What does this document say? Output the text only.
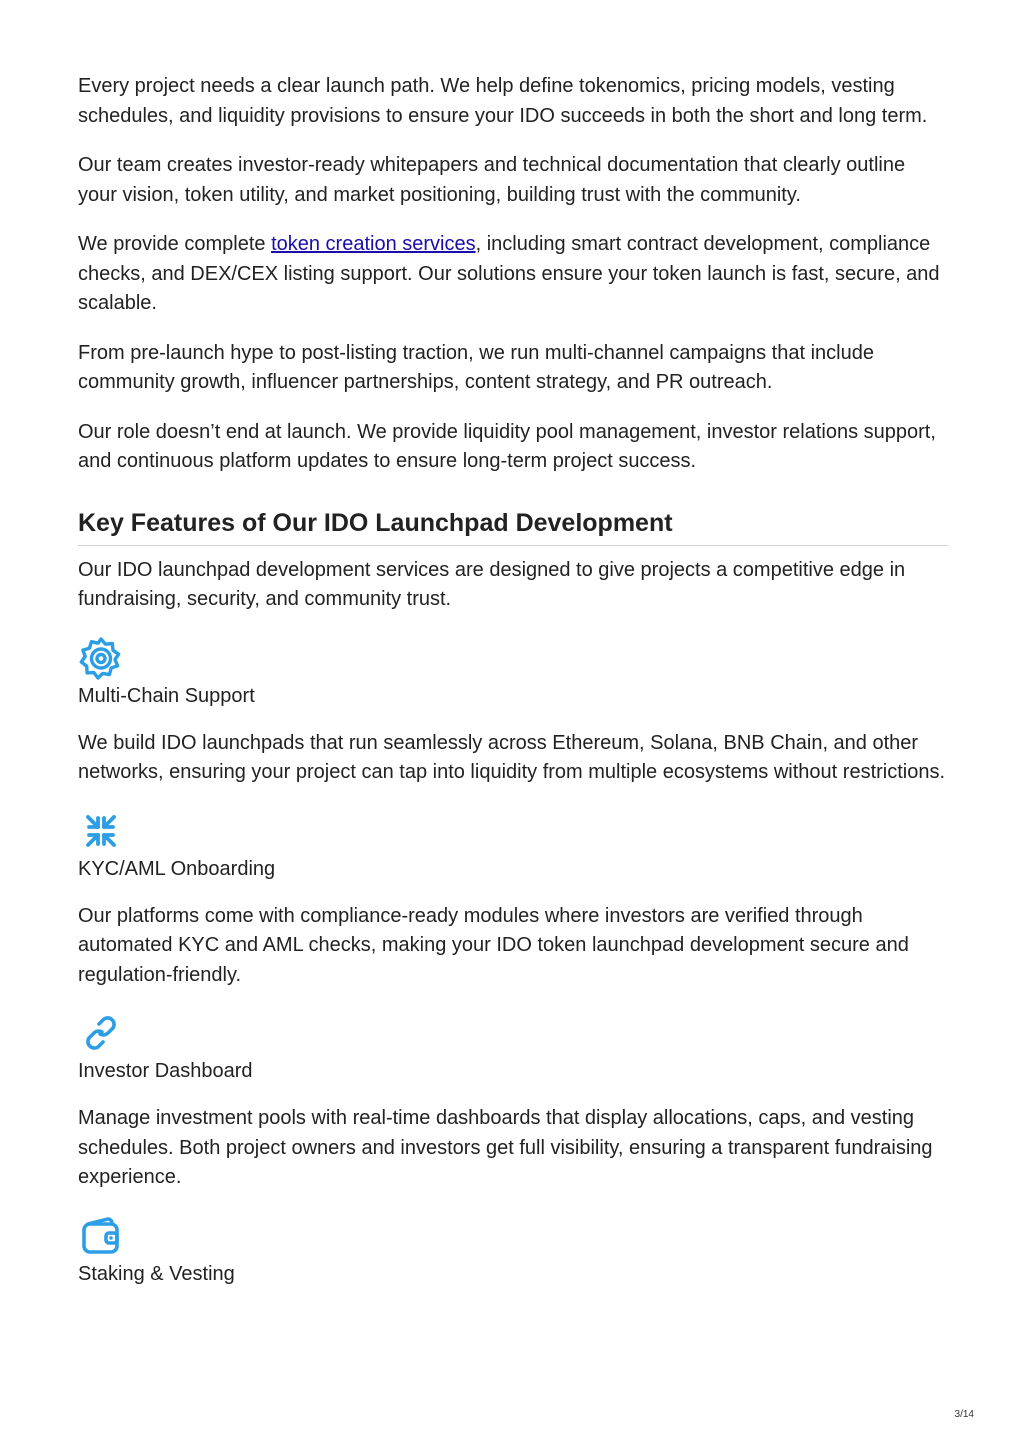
Every project needs a clear launch path. We help define tokenomics, pricing models, vesting schedules, and liquidity provisions to ensure your IDO succeeds in both the short and long term.

Our team creates investor-ready whitepapers and technical documentation that clearly outline your vision, token utility, and market positioning, building trust with the community.

We provide complete token creation services, including smart contract development, compliance checks, and DEX/CEX listing support. Our solutions ensure your token launch is fast, secure, and scalable.

From pre-launch hype to post-listing traction, we run multi-channel campaigns that include community growth, influencer partnerships, content strategy, and PR outreach.

Our role doesn’t end at launch. We provide liquidity pool management, investor relations support, and continuous platform updates to ensure long-term project success.

Key Features of Our IDO Launchpad Development

Our IDO launchpad development services are designed to give projects a competitive edge in fundraising, security, and community trust.

Multi-Chain Support

We build IDO launchpads that run seamlessly across Ethereum, Solana, BNB Chain, and other networks, ensuring your project can tap into liquidity from multiple ecosystems without restrictions.

KYC/AML Onboarding

Our platforms come with compliance-ready modules where investors are verified through automated KYC and AML checks, making your IDO token launchpad development secure and regulation-friendly.

Investor Dashboard

Manage investment pools with real-time dashboards that display allocations, caps, and vesting schedules. Both project owners and investors get full visibility, ensuring a transparent fundraising experience.

Staking & Vesting
3/14
